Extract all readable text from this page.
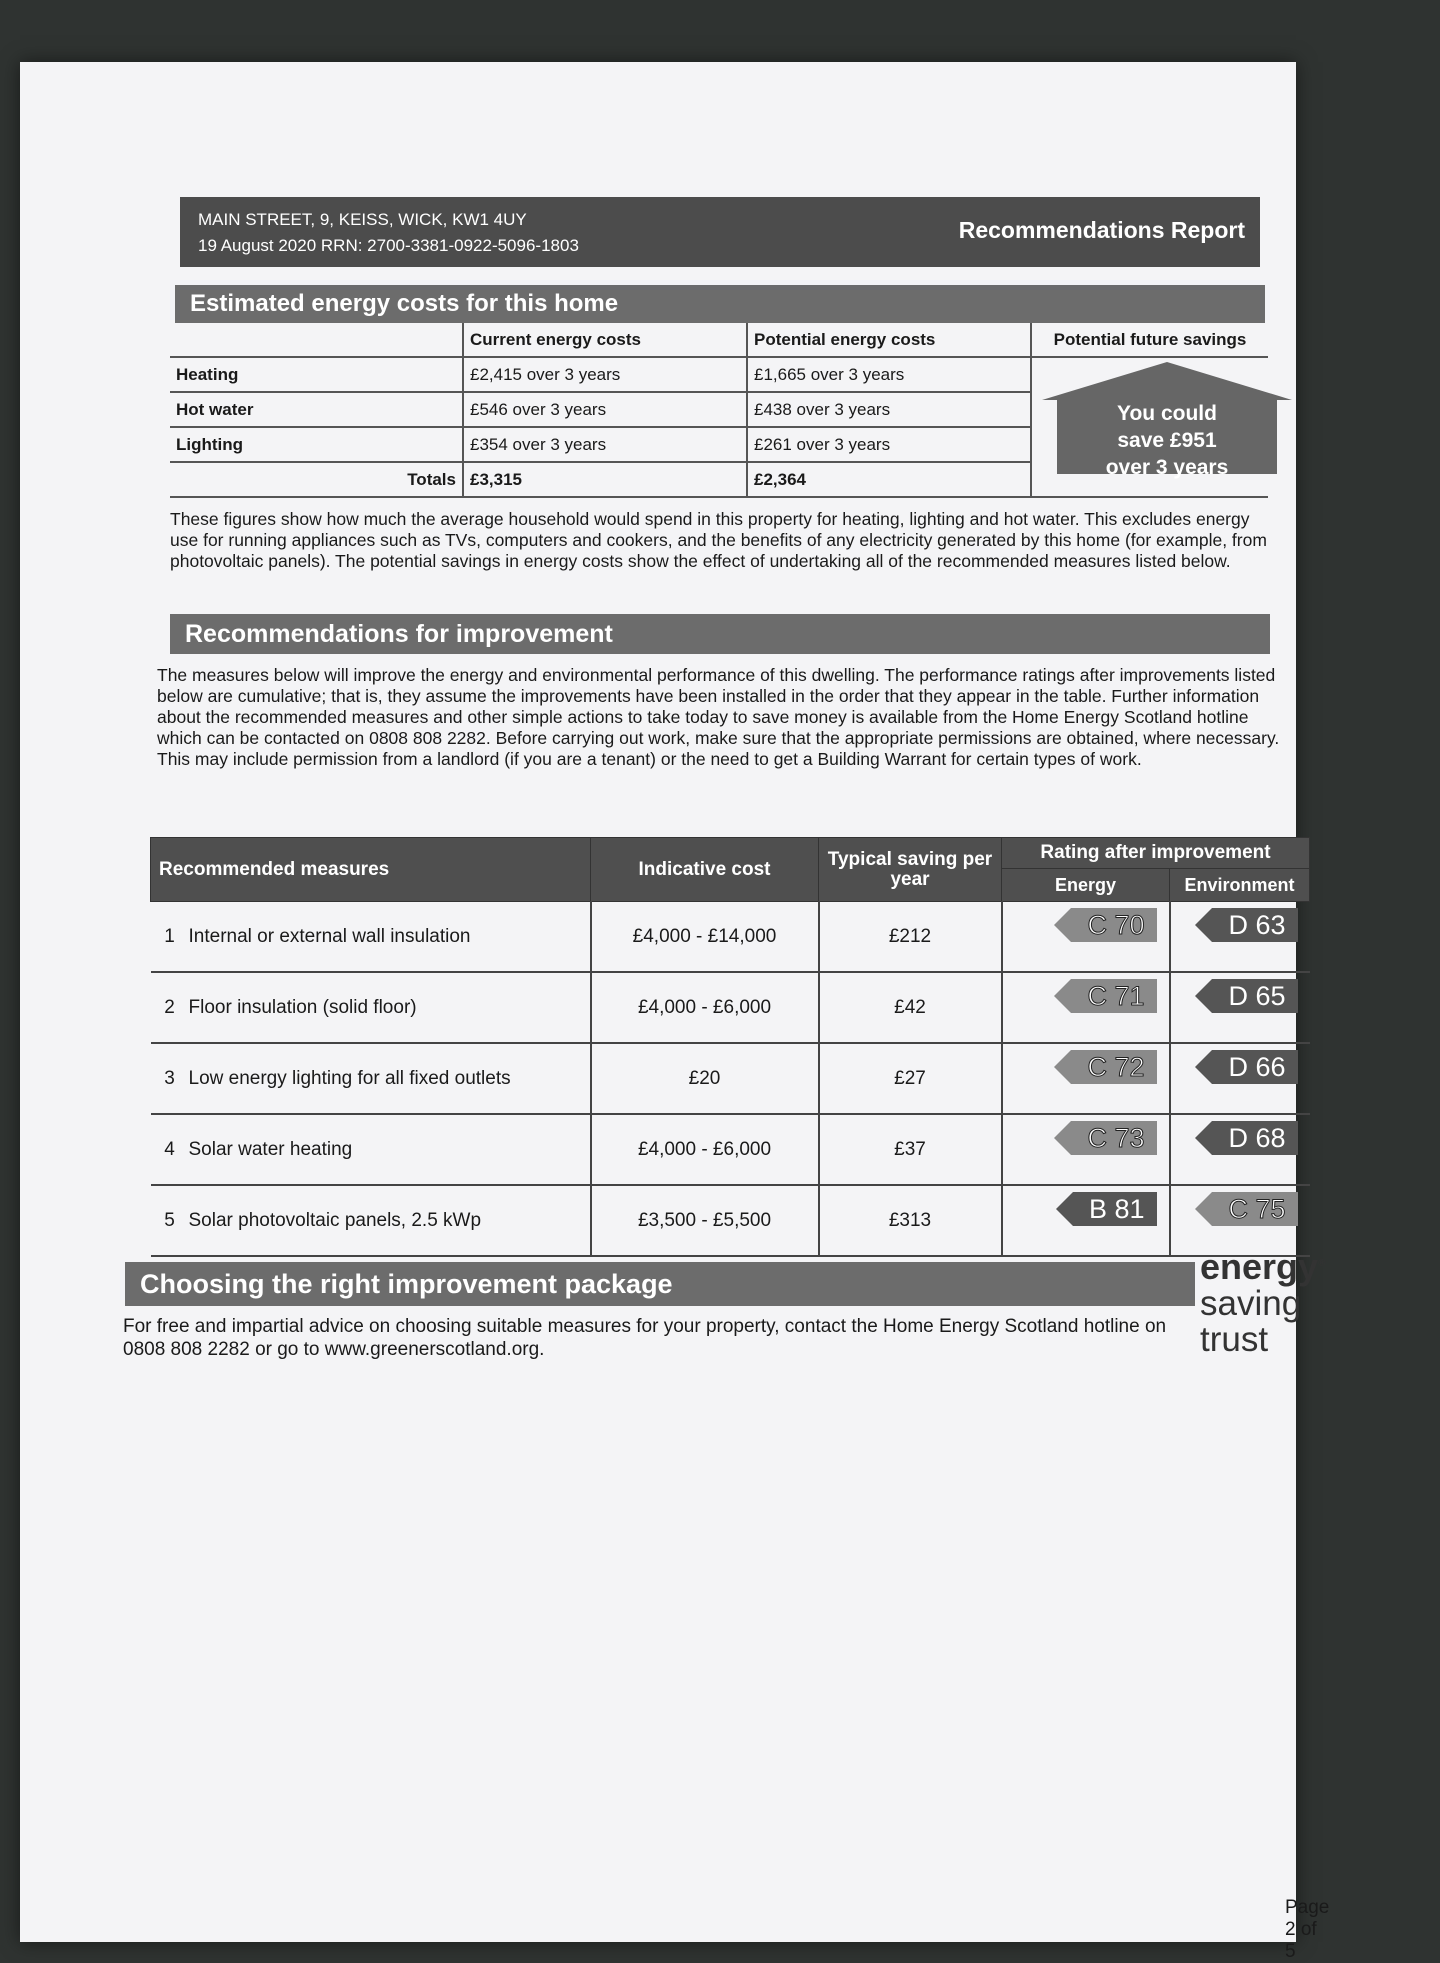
MAIN STREET, 9, KEISS, WICK, KW1 4UY
19 August 2020 RRN: 2700-3381-0922-5096-1803
Recommendations Report
Estimated energy costs for this home
	Current energy costs	Potential energy costs	Potential future savings
Heating	£2,415 over 3 years	£1,665 over 3 years	You could
save £951
over 3 years

Hot water	£546 over 3 years	£438 over 3 years	
Lighting	£354 over 3 years	£261 over 3 years	
Totals	£3,315	£2,364	
These figures show how much the average household would spend in this property for heating, lighting and hot water. This excludes energy use for running appliances such as TVs, computers and cookers, and the benefits of any electricity generated by this home (for example, from photovoltaic panels). The potential savings in energy costs show the effect of undertaking all of the recommended measures listed below.
Recommendations for improvement
The measures below will improve the energy and environmental performance of this dwelling. The performance ratings after improvements listed below are cumulative; that is, they assume the improvements have been installed in the order that they appear in the table. Further information about the recommended measures and other simple actions to take today to save money is available from the Home Energy Scotland hotline which can be contacted on 0808 808 2282. Before carrying out work, make sure that the appropriate permissions are obtained, where necessary. This may include permission from a landlord (if you are a tenant) or the need to get a Building Warrant for certain types of work.
Recommended measures	Indicative cost	Typical saving per year	Rating after improvement	
			Energy	Environment
1 Internal or external wall insulation	£4,000 - £14,000	£212	C 70	D 63
2 Floor insulation (solid floor)	£4,000 - £6,000	£42	C 71	D 65
3 Low energy lighting for all fixed outlets	£20	£27	C 72	D 66
4 Solar water heating	£4,000 - £6,000	£37	C 73	D 68
5 Solar photovoltaic panels, 2.5 kWp	£3,500 - £5,500	£313	B 81	C 75
Choosing the right improvement package
For free and impartial advice on choosing suitable measures for your property, contact the Home Energy Scotland hotline on 0808 808 2282 or go to www.greenerscotland.org.
energy®
saving
trust
Page 2 of 5
